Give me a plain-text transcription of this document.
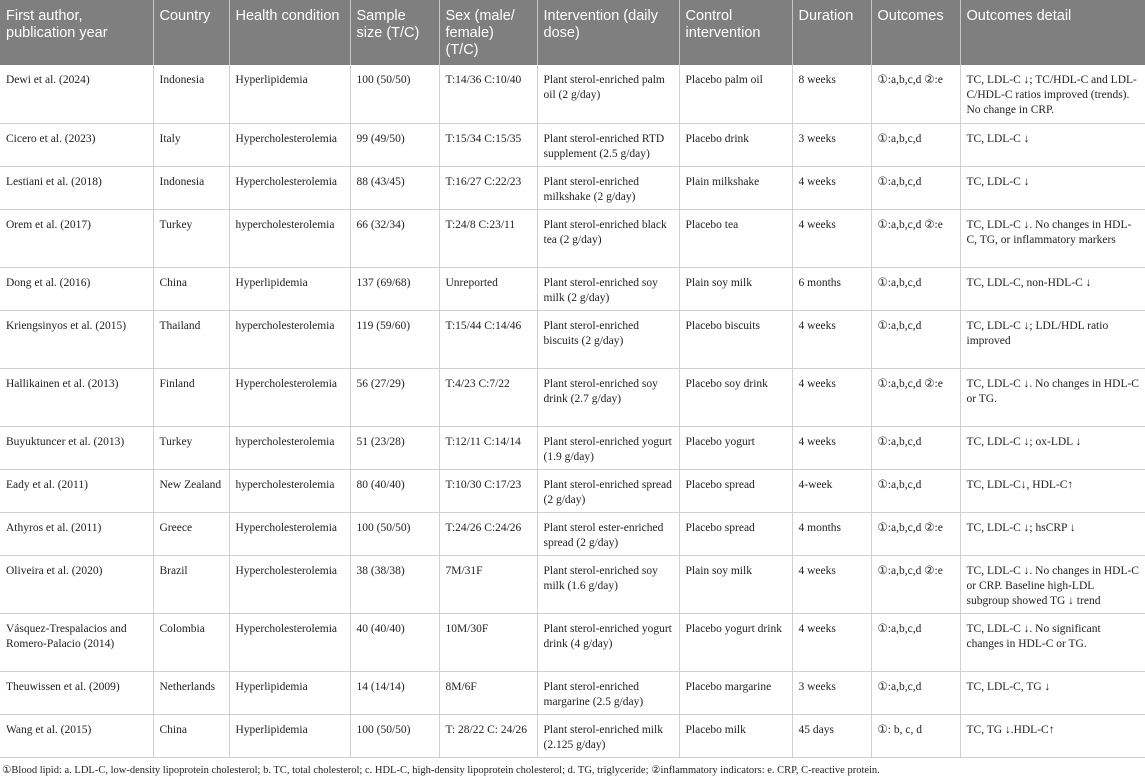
First author, publication year	Country	Health condition	Sample size (T/C)	Sex (male/ female) (T/C)	Intervention (daily dose)	Control intervention	Duration	Outcomes	Outcomes detail
Dewi et al. (2024)	Indonesia	Hyperlipidemia	100 (50/50)	T:14/36 C:10/40	Plant sterol-enriched palm oil (2 g/day)	Placebo palm oil	8 weeks	①:a,b,c,d ②:e	TC, LDL-C ↓; TC/HDL-C and LDL-C/HDL-C ratios improved (trends). No change in CRP.
Cicero et al. (2023)	Italy	Hypercholesterolemia	99 (49/50)	T:15/34 C:15/35	Plant sterol-enriched RTD supplement (2.5 g/day)	Placebo drink	3 weeks	①:a,b,c,d	TC, LDL-C ↓
Lestiani et al. (2018)	Indonesia	Hypercholesterolemia	88 (43/45)	T:16/27 C:22/23	Plant sterol-enriched milkshake (2 g/day)	Plain milkshake	4 weeks	①:a,b,c,d	TC, LDL-C ↓
Orem et al. (2017)	Turkey	hypercholesterolemia	66 (32/34)	T:24/8 C:23/11	Plant sterol-enriched black tea (2 g/day)	Placebo tea	4 weeks	①:a,b,c,d ②:e	TC, LDL-C ↓. No changes in HDL-C, TG, or inflammatory markers
Dong et al. (2016)	China	Hyperlipidemia	137 (69/68)	Unreported	Plant sterol-enriched soy milk (2 g/day)	Plain soy milk	6 months	①:a,b,c,d	TC, LDL-C, non-HDL-C ↓
Kriengsinyos et al. (2015)	Thailand	hypercholesterolemia	119 (59/60)	T:15/44 C:14/46	Plant sterol-enriched biscuits (2 g/day)	Placebo biscuits	4 weeks	①:a,b,c,d	TC, LDL-C ↓; LDL/HDL ratio improved
Hallikainen et al. (2013)	Finland	Hypercholesterolemia	56 (27/29)	T:4/23 C:7/22	Plant sterol-enriched soy drink (2.7 g/day)	Placebo soy drink	4 weeks	①:a,b,c,d ②:e	TC, LDL-C ↓. No changes in HDL-C or TG.
Buyuktuncer et al. (2013)	Turkey	hypercholesterolemia	51 (23/28)	T:12/11 C:14/14	Plant sterol-enriched yogurt (1.9 g/day)	Placebo yogurt	4 weeks	①:a,b,c,d	TC, LDL-C ↓; ox-LDL ↓
Eady et al. (2011)	New Zealand	hypercholesterolemia	80 (40/40)	T:10/30 C:17/23	Plant sterol-enriched spread (2 g/day)	Placebo spread	4-week	①:a,b,c,d	TC, LDL-C↓, HDL-C↑
Athyros et al. (2011)	Greece	Hypercholesterolemia	100 (50/50)	T:24/26 C:24/26	Plant sterol ester-enriched spread (2 g/day)	Placebo spread	4 months	①:a,b,c,d ②:e	TC, LDL-C ↓; hsCRP ↓
Oliveira et al. (2020)	Brazil	Hypercholesterolemia	38 (38/38)	7M/31F	Plant sterol-enriched soy milk (1.6 g/day)	Plain soy milk	4 weeks	①:a,b,c,d ②:e	TC, LDL-C ↓. No changes in HDL-C or CRP. Baseline high-LDL subgroup showed TG ↓ trend
Vásquez-Trespalacios and Romero-Palacio (2014)	Colombia	Hypercholesterolemia	40 (40/40)	10M/30F	Plant sterol-enriched yogurt drink (4 g/day)	Placebo yogurt drink	4 weeks	①:a,b,c,d	TC, LDL-C ↓. No significant changes in HDL-C or TG.
Theuwissen et al. (2009)	Netherlands	Hyperlipidemia	14 (14/14)	8M/6F	Plant sterol-enriched margarine (2.5 g/day)	Placebo margarine	3 weeks	①:a,b,c,d	TC, LDL-C, TG ↓
Wang et al. (2015)	China	Hyperlipidemia	100 (50/50)	T: 28/22 C: 24/26	Plant sterol-enriched milk (2.125 g/day)	Placebo milk	45 days	①: b, c, d	TC, TG ↓.HDL-C↑
①Blood lipid: a. LDL-C, low-density lipoprotein cholesterol; b. TC, total cholesterol; c. HDL-C, high-density lipoprotein cholesterol; d. TG, triglyceride; ②inflammatory indicators: e. CRP, C-reactive protein.
